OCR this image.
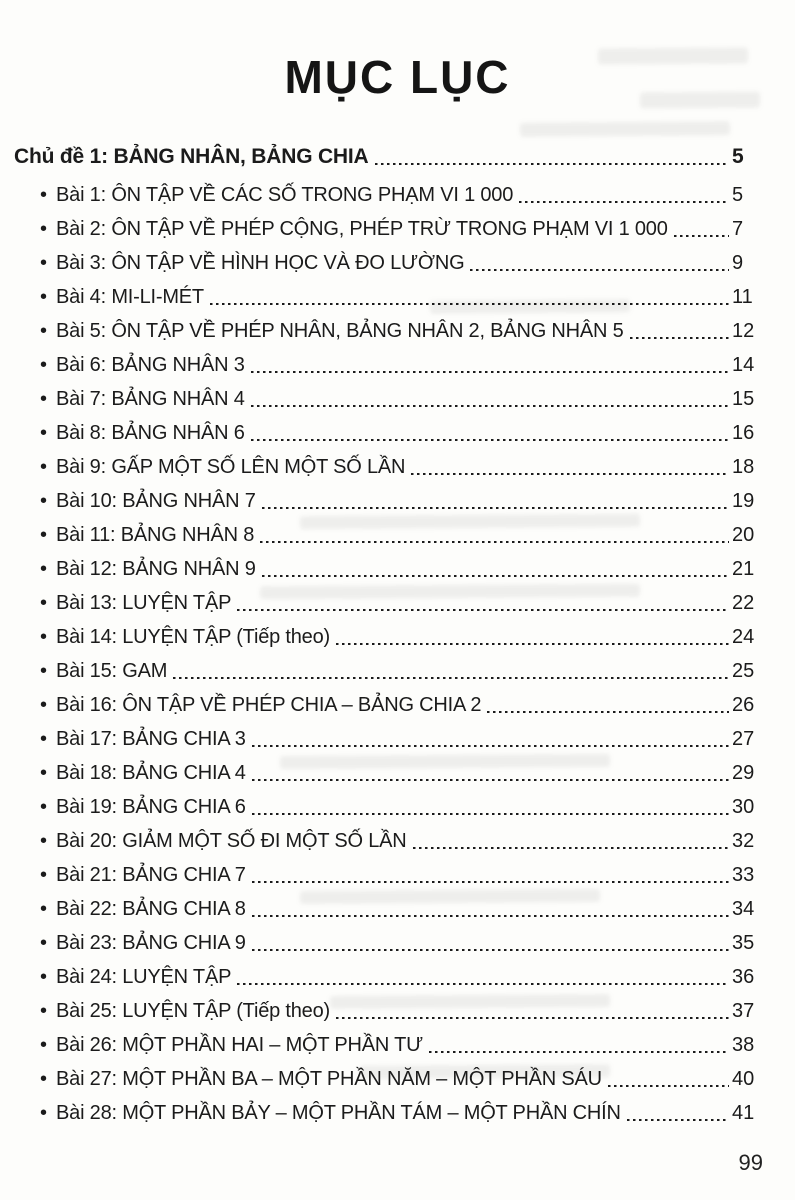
MỤC LỤC
Chủ đề 1: BẢNG NHÂN, BẢNG CHIA	5
• Bài 1: ÔN TẬP VỀ CÁC SỐ TRONG PHẠM VI 1 000	5
• Bài 2: ÔN TẬP VỀ PHÉP CỘNG, PHÉP TRỪ TRONG PHẠM VI 1 000	7
• Bài 3: ÔN TẬP VỀ HÌNH HỌC VÀ ĐO LƯỜNG	9
• Bài 4: MI-LI-MÉT	11
• Bài 5: ÔN TẬP VỀ PHÉP NHÂN, BẢNG NHÂN 2, BẢNG NHÂN 5	12
• Bài 6: BẢNG NHÂN 3	14
• Bài 7: BẢNG NHÂN 4	15
• Bài 8: BẢNG NHÂN 6	16
• Bài 9: GẤP MỘT SỐ LÊN MỘT SỐ LẦN	18
• Bài 10: BẢNG NHÂN 7	19
• Bài 11: BẢNG NHÂN 8	20
• Bài 12: BẢNG NHÂN 9	21
• Bài 13: LUYỆN TẬP	22
• Bài 14: LUYỆN TẬP (Tiếp theo)	24
• Bài 15: GAM	25
• Bài 16: ÔN TẬP VỀ PHÉP CHIA – BẢNG CHIA 2	26
• Bài 17: BẢNG CHIA 3	27
• Bài 18: BẢNG CHIA 4	29
• Bài 19: BẢNG CHIA 6	30
• Bài 20: GIẢM MỘT SỐ ĐI MỘT SỐ LẦN	32
• Bài 21: BẢNG CHIA 7	33
• Bài 22: BẢNG CHIA 8	34
• Bài 23: BẢNG CHIA 9	35
• Bài 24: LUYỆN TẬP	36
• Bài 25: LUYỆN TẬP (Tiếp theo)	37
• Bài 26: MỘT PHẦN HAI – MỘT PHẦN TƯ	38
• Bài 27: MỘT PHẦN BA – MỘT PHẦN NĂM – MỘT PHẦN SÁU	40
• Bài 28: MỘT PHẦN BẢY – MỘT PHẦN TÁM – MỘT PHẦN CHÍN	41
99
